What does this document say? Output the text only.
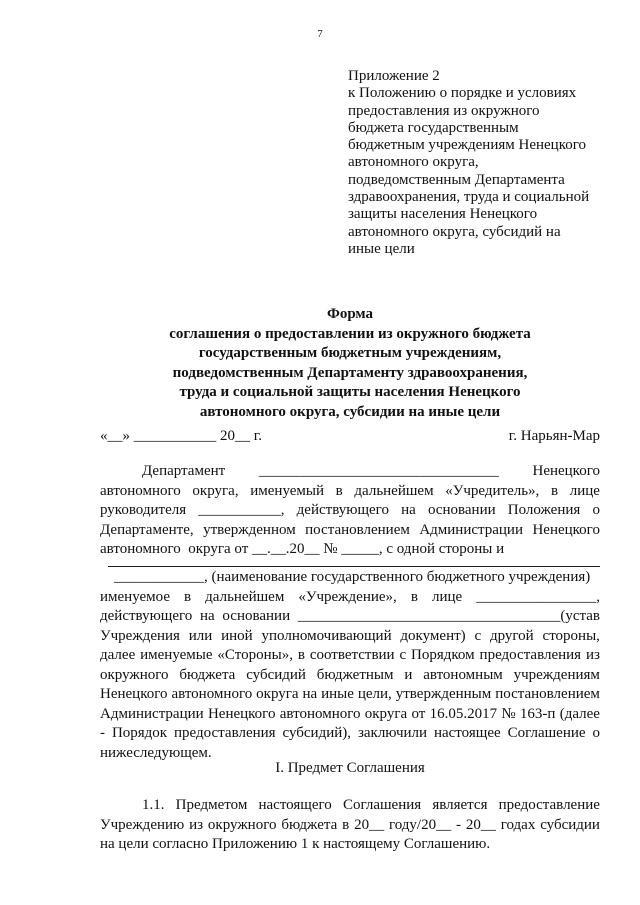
7
Приложение 2
к Положению о порядке и условиях
предоставления из окружного
бюджета государственным
бюджетным учреждениям Ненецкого
автономного округа,
подведомственным Департамента
здравоохранения, труда и социальной
защиты населения Ненецкого
автономного округа, субсидий на
иные цели
Форма
соглашения о предоставлении из окружного бюджета
государственным бюджетным учреждениям,
подведомственным Департаменту здравоохранения,
труда и социальной защиты населения Ненецкого
автономного округа, субсидии на иные цели
«__» ___________ 20__ г.	г. Нарьян-Мар
Департамент ________________________________ Ненецкого
автономного округа, именуемый в дальнейшем «Учредитель», в лице
руководителя ___________, действующего на основании Положения о
Департаменте, утвержденном постановлением Администрации Ненецкого
автономного  округа от __.__.20__ № _____, с одной стороны и
____________, (наименование государственного бюджетного учреждения)
именуемое в дальнейшем «Учреждение», в лице ________________,
действующего на основании ___________________________________(устав
Учреждения или иной уполномочивающий документ) с другой стороны,
далее именуемые «Стороны», в соответствии с Порядком предоставления из
окружного бюджета субсидий бюджетным и автономным учреждениям
Ненецкого автономного округа на иные цели, утвержденным постановлением
Администрации Ненецкого автономного округа от 16.05.2017 № 163-п (далее
- Порядок предоставления субсидий), заключили настоящее Соглашение о
нижеследующем.
I. Предмет Соглашения
1.1. Предметом настоящего Соглашения является предоставление
Учреждению из окружного бюджета в 20__ году/20__ - 20__ годах субсидии
на цели согласно Приложению 1 к настоящему Соглашению.
